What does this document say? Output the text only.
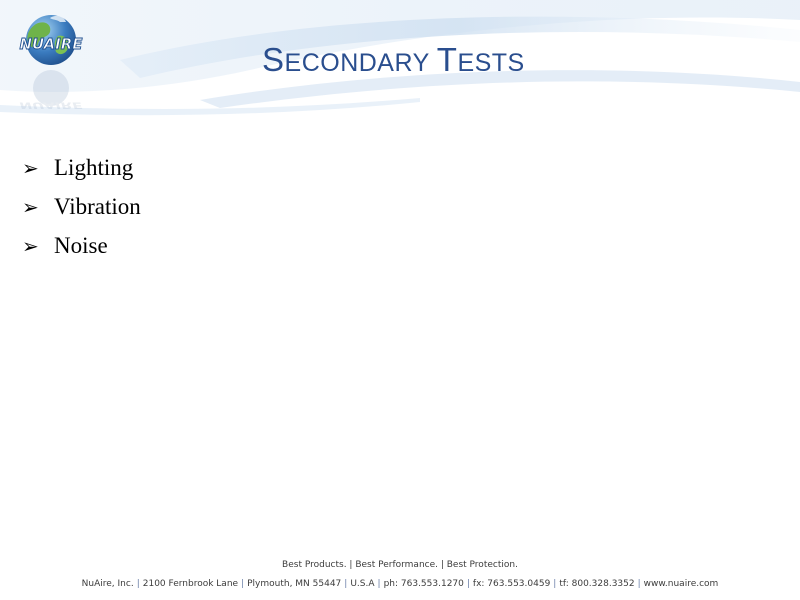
NUAIRE
NUAIRE
SECONDARY TESTS
➢ Lighting
➢ Vibration
➢ Noise
Best Products. | Best Performance. | Best Protection.
NuAire, Inc. | 2100 Fernbrook Lane | Plymouth, MN 55447 | U.S.A | ph: 763.553.1270 | fx: 763.553.0459 | tf: 800.328.3352 | www.nuaire.com
